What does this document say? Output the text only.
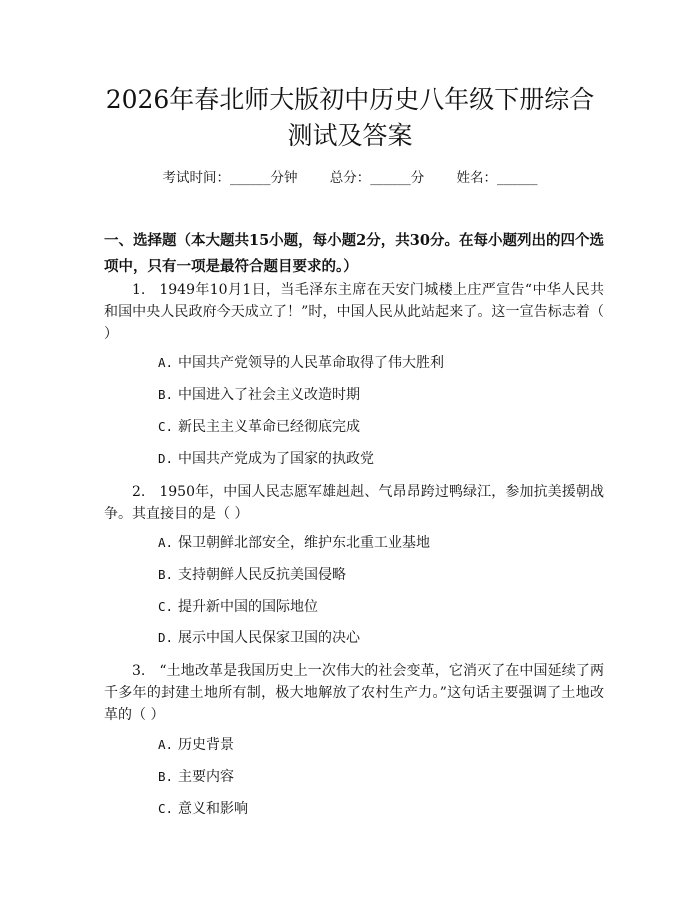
2026年春北师大版初中历史八年级下册综合
测试及答案
考试时间：______分钟 总分：______分 姓名：______

一、选择题（本大题共15小题，每小题2分，共30分。在每小题列出的四个选项中，只有一项是最符合题目要求的。）

1. 1949年10月1日，当毛泽东主席在天安门城楼上庄严宣告“中华人民共和国中央人民政府今天成立了！”时，中国人民从此站起来了。这一宣告标志着（ ）

A. 中国共产党领导的人民革命取得了伟大胜利
B. 中国进入了社会主义改造时期
C. 新民主主义革命已经彻底完成
D. 中国共产党成为了国家的执政党

2. 1950年，中国人民志愿军雄赳赳、气昂昂跨过鸭绿江，参加抗美援朝战争。其直接目的是（ ）

A. 保卫朝鲜北部安全，维护东北重工业基地
B. 支持朝鲜人民反抗美国侵略
C. 提升新中国的国际地位
D. 展示中国人民保家卫国的决心

3. “土地改革是我国历史上一次伟大的社会变革，它消灭了在中国延续了两千多年的封建土地所有制，极大地解放了农村生产力。”这句话主要强调了土地改革的（ ）

A. 历史背景
B. 主要内容
C. 意义和影响
